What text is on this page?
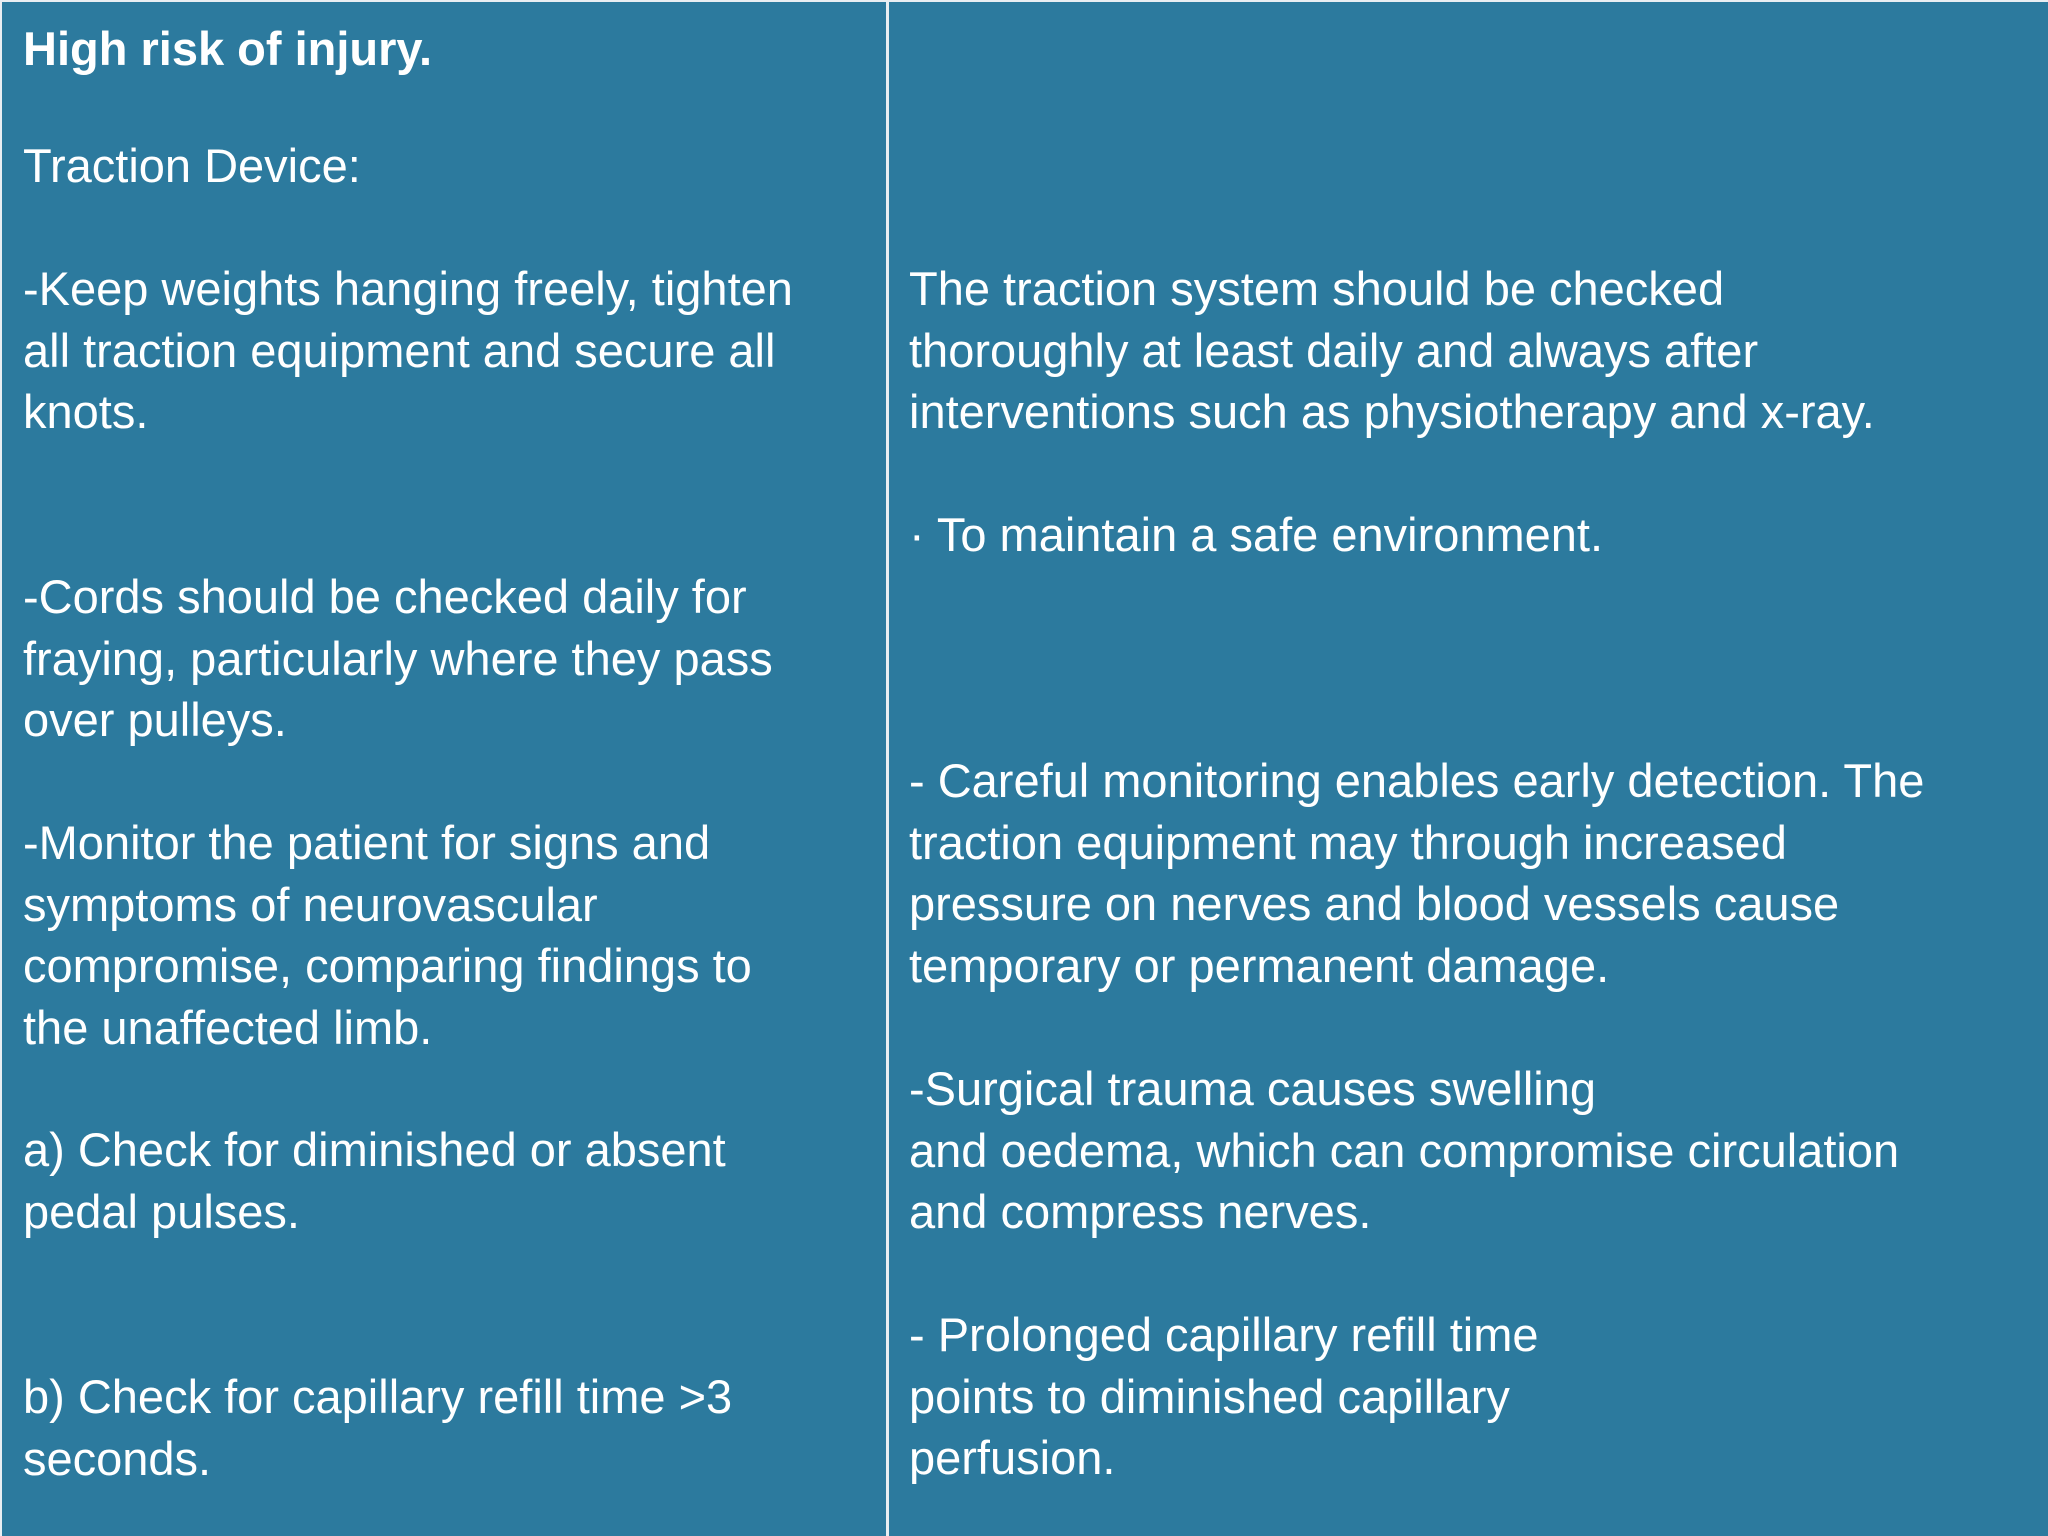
High risk of injury.

Traction Device:

-Keep weights hanging freely, tighten
all traction equipment and secure all
knots.

-Cords should be checked daily for
fraying, particularly where they pass
over pulleys.

-Monitor the patient for signs and
symptoms of neurovascular
compromise, comparing findings to
the unaffected limb.

a) Check for diminished or absent
pedal pulses.

b) Check for capillary refill time >3
seconds.

The traction system should be checked
thoroughly at least daily and always after
interventions such as physiotherapy and x-ray.

· To maintain a safe environment.

- Careful monitoring enables early detection. The
traction equipment may through increased
pressure on nerves and blood vessels cause
temporary or permanent damage.

-Surgical trauma causes swelling
and oedema, which can compromise circulation
and compress nerves.

- Prolonged capillary refill time
points to diminished capillary
perfusion.
